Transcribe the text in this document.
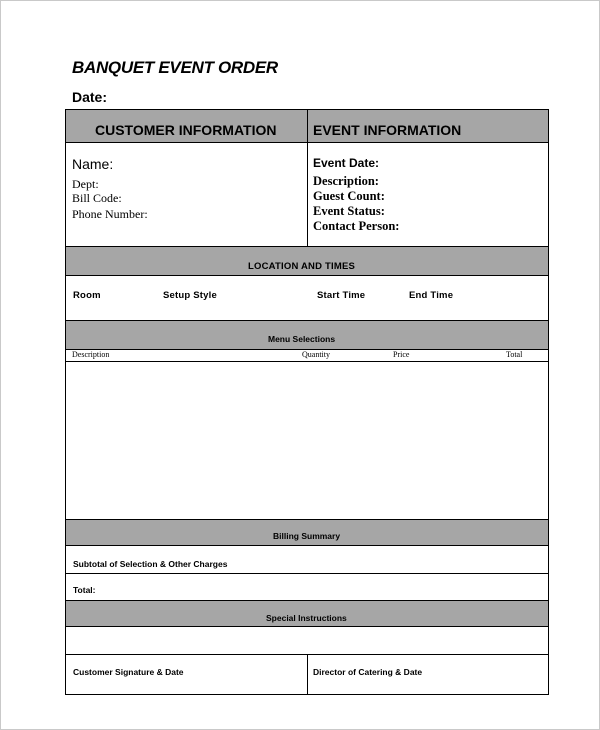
BANQUET EVENT ORDER
Date:
CUSTOMER INFORMATION	EVENT INFORMATION
Name:
Dept:
Bill Code:
Phone Number:
Event Date:
Description:
Guest Count:
Event Status:
Contact Person:
LOCATION AND TIMES
Room	Setup Style	Start Time	End Time
Menu Selections
Description	Quantity	Price	Total
Billing Summary
Subtotal of Selection & Other Charges
Total:
Special Instructions
Customer Signature & Date	Director of Catering & Date
